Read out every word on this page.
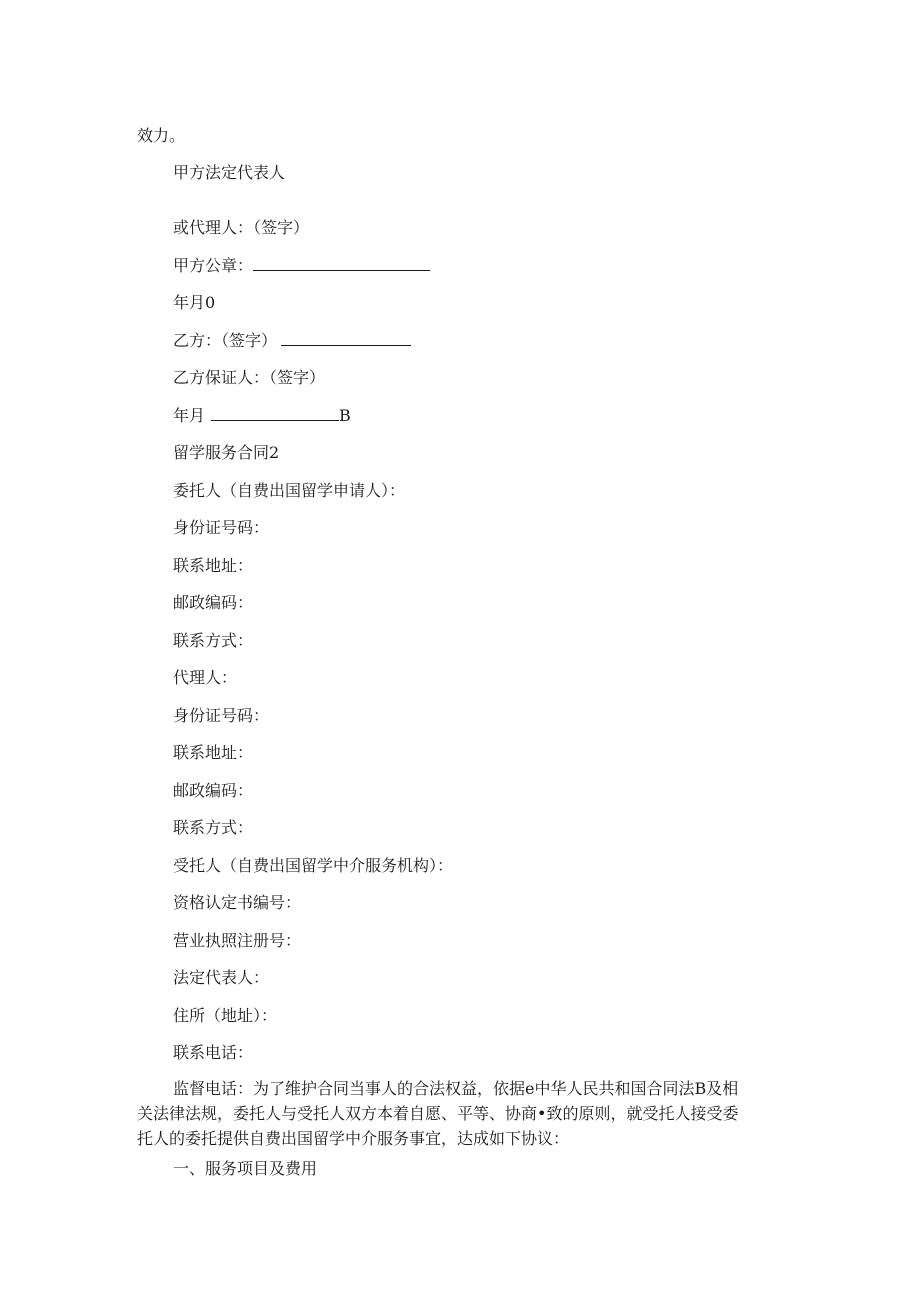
效力。
甲方法定代表人
或代理人：（签字）
甲方公章：
年月0
乙方：（签字）
乙方保证人：（签字）
年月	B
留学服务合同2
委托人（自费出国留学申请人）：
身份证号码：
联系地址：
邮政编码：
联系方式：
代理人：
身份证号码：
联系地址：
邮政编码：
联系方式：
受托人（自费出国留学中介服务机构）：
资格认定书编号：
营业执照注册号：
法定代表人：
住所（地址）：
联系电话：
监督电话：为了维护合同当事人的合法权益，依据e中华人民共和国合同法B及相
关法律法规，委托人与受托人双方本着自愿、平等、协商•致的原则，就受托人接受委
托人的委托提供自费出国留学中介服务事宜，达成如下协议：
一、服务项目及费用
